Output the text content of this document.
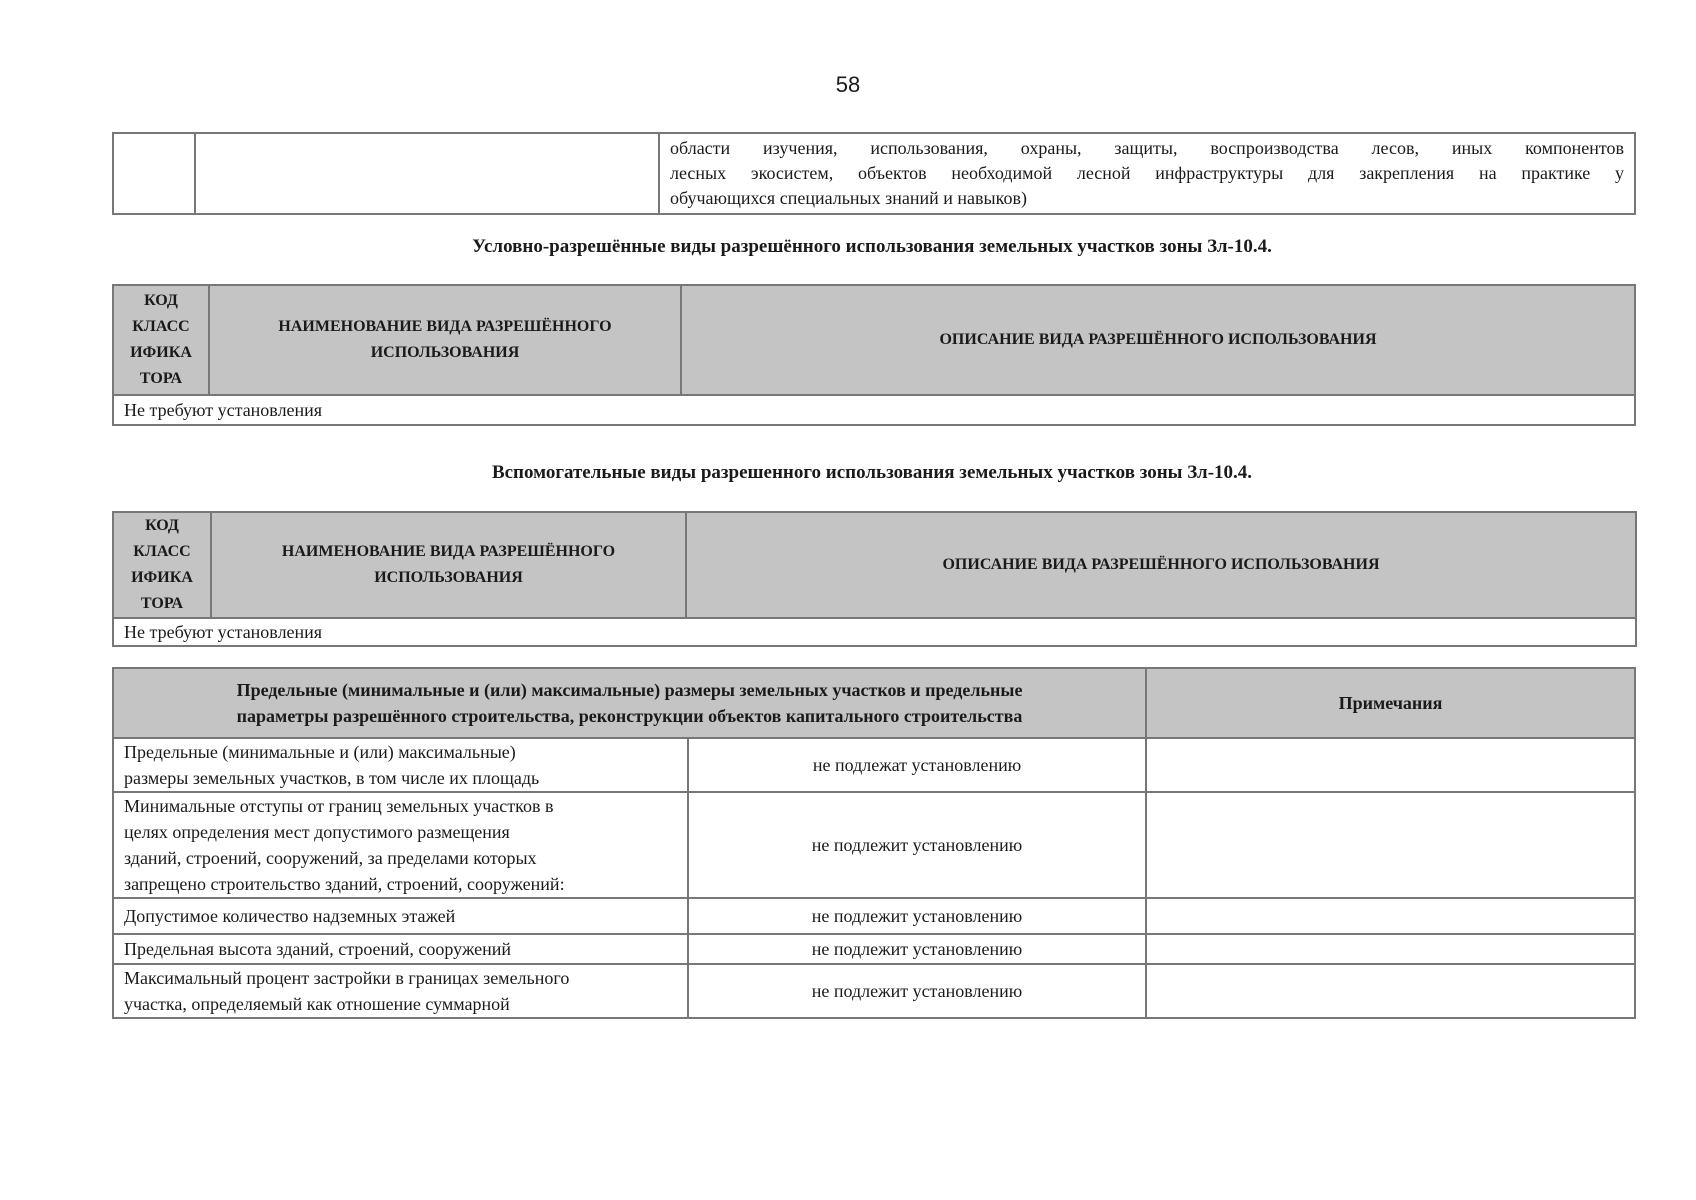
58

области изучения, использования, охраны, защиты, воспроизводства лесов, иных компонентов
лесных экосистем, объектов необходимой лесной инфраструктуры для закрепления на практике у
обучающихся специальных знаний и навыков)
Условно-разрешённые виды разрешённого использования земельных участков зоны Зл-10.4.
КОД
КЛАСС
ИФИКА
ТОРА

НАИМЕНОВАНИЕ ВИДА РАЗРЕШЁННОГО
ИСПОЛЬЗОВАНИЯ
	ОПИСАНИЕ ВИДА РАЗРЕШЁННОГО ИСПОЛЬЗОВАНИЯ
Не требуют установления
Вспомогательные виды разрешенного использования земельных участков зоны Зл-10.4.
КОД
КЛАСС
ИФИКА
ТОРА

НАИМЕНОВАНИЕ ВИДА РАЗРЕШЁННОГО
ИСПОЛЬЗОВАНИЯ
	ОПИСАНИЕ ВИДА РАЗРЕШЁННОГО ИСПОЛЬЗОВАНИЯ
Не требуют установления
Предельные (минимальные и (или) максимальные) размеры земельных участков и предельные
параметры разрешённого строительства, реконструкции объектов капитального строительства		Примечания

Предельные (минимальные и (или) максимальные)
размеры земельных участков, в том числе их площадь	не подлежат установлению	

Минимальные отступы от границ земельных участков в
целях определения мест допустимого размещения
зданий, строений, сооружений, за пределами которых
запрещено строительство зданий, строений, сооружений:	не подлежит установлению	
Допустимое количество надземных этажей	не подлежит установлению	
Предельная высота зданий, строений, сооружений	не подлежит установлению	

Максимальный процент застройки в границах земельного
участка, определяемый как отношение суммарной	не подлежит установлению	
